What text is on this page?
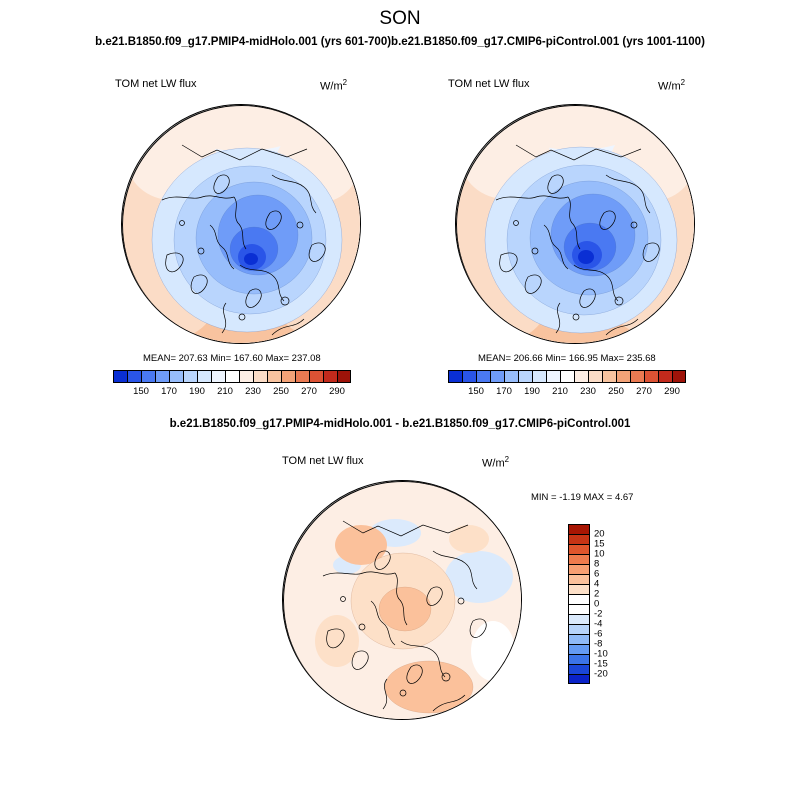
SON
b.e21.B1850.f09_g17.PMIP4-midHolo.001 (yrs 601-700)b.e21.B1850.f09_g17.CMIP6-piControl.001 (yrs 1001-1100)
TOM net LW flux	$W/m^2$
MEAN= 207.63 Min= 167.60 Max= 237.08
150 170 190 210 230 250 270 290
TOM net LW flux	$W/m^2$
MEAN= 206.66 Min= 166.95 Max= 235.68
150 170 190 210 230 250 270 290
b.e21.B1850.f09_g17.PMIP4-midHolo.001 - b.e21.B1850.f09_g17.CMIP6-piControl.001
TOM net LW flux	$W/m^2$
MIN = -1.19 MAX = 4.67
20
15
10
8
6
4
2
0
-2
-4
-6
-8
-10
-15
-20
